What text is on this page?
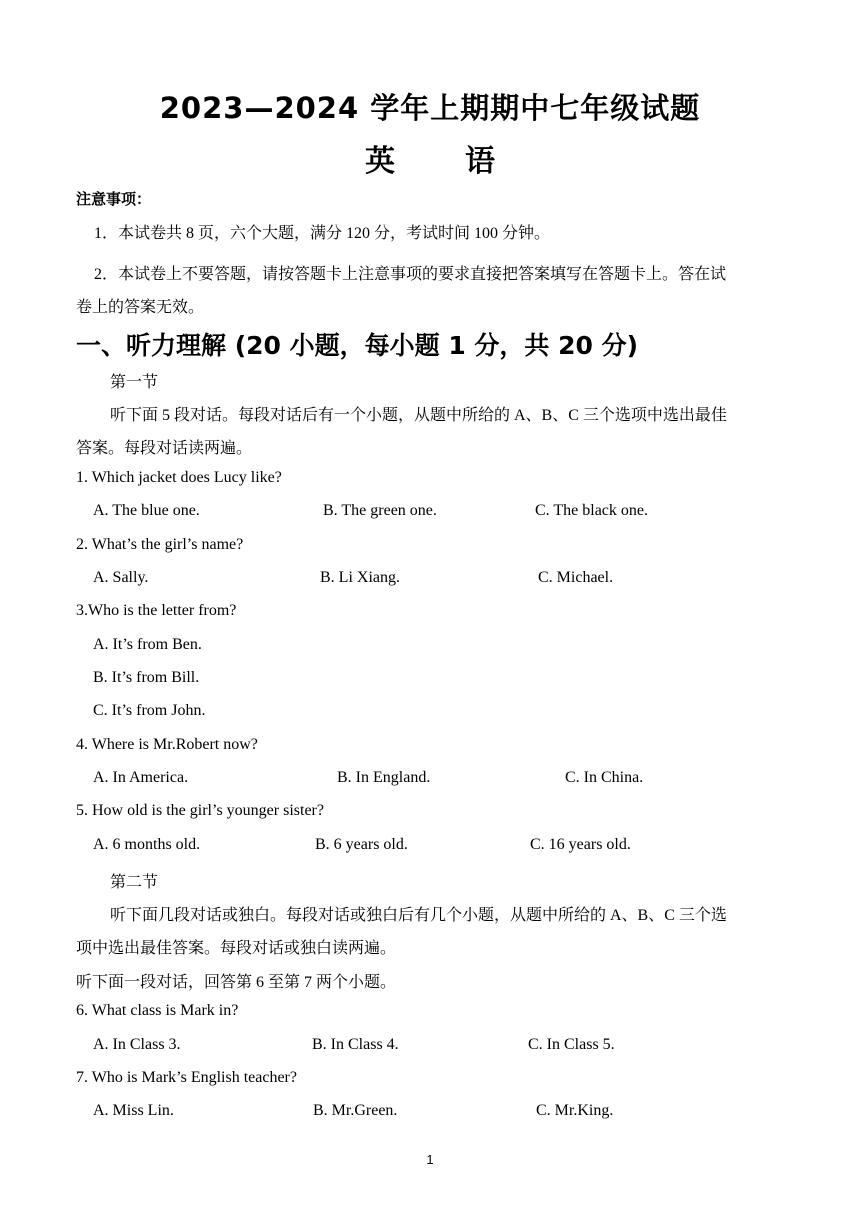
2023—2024 学年上期期中七年级试题
英 语
注意事项：
1．本试卷共 8 页，六个大题，满分 120 分，考试时间 100 分钟。
2．本试卷上不要答题，请按答题卡上注意事项的要求直接把答案填写在答题卡上。答在试
卷上的答案无效。
一、听力理解 (20 小题，每小题 1 分，共 20 分)
第一节
听下面 5 段对话。每段对话后有一个小题，从题中所给的 A、B、C 三个选项中选出最佳
答案。每段对话读两遍。
1. Which jacket does Lucy like?
A. The blue one.	B. The green one.	C. The black one.
2. What’s the girl’s name?
A. Sally.	B. Li Xiang.	C. Michael.
3.Who is the letter from?
A. It’s from Ben.
B. It’s from Bill.
C. It’s from John.
4. Where is Mr.Robert now?
A. In America.	B. In England.	C. In China.
5. How old is the girl’s younger sister?
A. 6 months old.	B. 6 years old.	C. 16 years old.
第二节
听下面几段对话或独白。每段对话或独白后有几个小题，从题中所给的 A、B、C 三个选
项中选出最佳答案。每段对话或独白读两遍。
听下面一段对话，回答第 6 至第 7 两个小题。
6. What class is Mark in?
A. In Class 3.	B. In Class 4.	C. In Class 5.
7. Who is Mark’s English teacher?
A. Miss Lin.	B. Mr.Green.	C. Mr.King.
1
